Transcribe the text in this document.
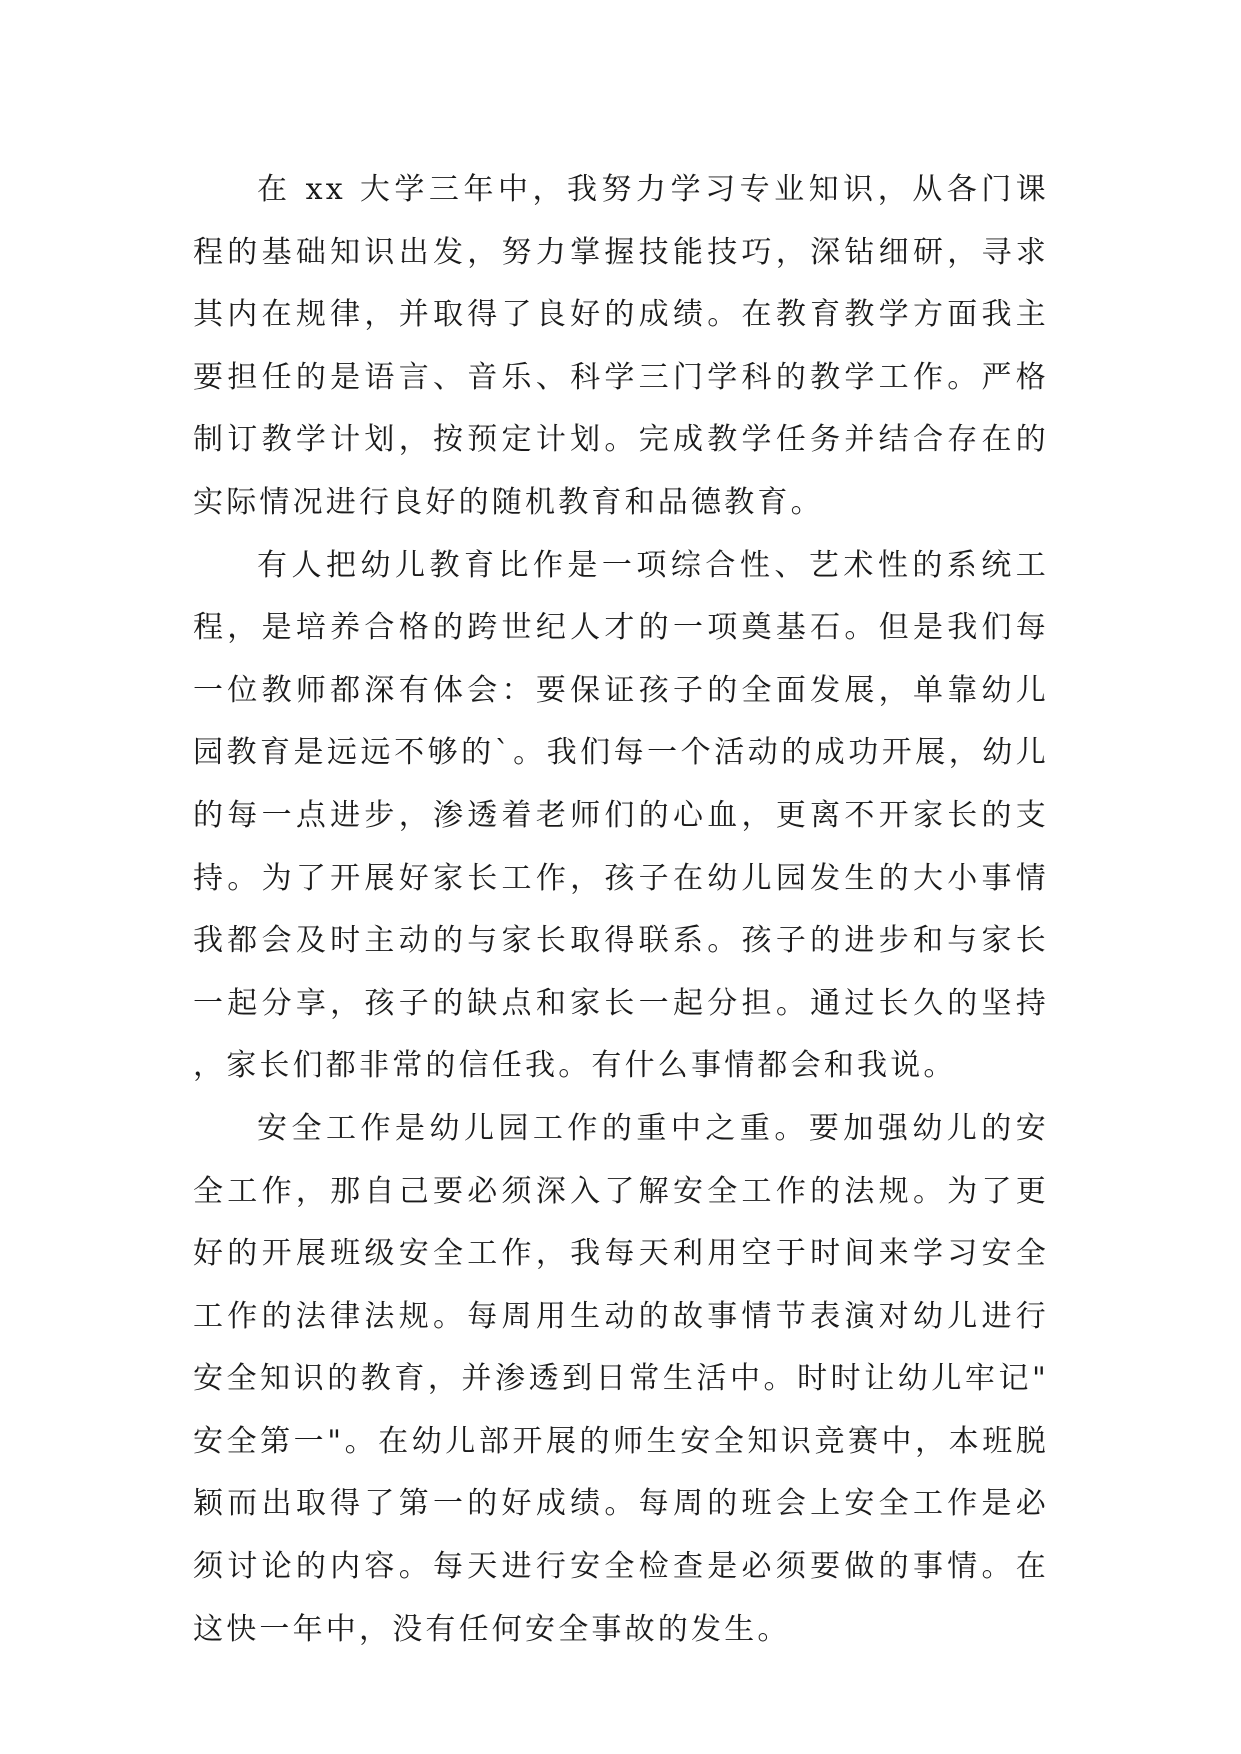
在 xx 大学三年中，我努力学习专业知识，从各门课程的基础知识出发，努力掌握技能技巧，深钻细研，寻求其内在规律，并取得了良好的成绩。在教育教学方面我主要担任的是语言、音乐、科学三门学科的教学工作。严格制订教学计划，按预定计划。完成教学任务并结合存在的实际情况进行良好的随机教育和品德教育。

有人把幼儿教育比作是一项综合性、艺术性的系统工程，是培养合格的跨世纪人才的一项奠基石。但是我们每一位教师都深有体会：要保证孩子的全面发展，单靠幼儿园教育是远远不够的`。我们每一个活动的成功开展，幼儿的每一点进步，渗透着老师们的心血，更离不开家长的支持。为了开展好家长工作，孩子在幼儿园发生的大小事情我都会及时主动的与家长取得联系。孩子的进步和与家长一起分享，孩子的缺点和家长一起分担。通过长久的坚持，家长们都非常的信任我。有什么事情都会和我说。

安全工作是幼儿园工作的重中之重。要加强幼儿的安全工作，那自己要必须深入了解安全工作的法规。为了更好的开展班级安全工作，我每天利用空于时间来学习安全工作的法律法规。每周用生动的故事情节表演对幼儿进行安全知识的教育，并渗透到日常生活中。时时让幼儿牢记"安全第一"。在幼儿部开展的师生安全知识竞赛中，本班脱颖而出取得了第一的好成绩。每周的班会上安全工作是必须讨论的内容。每天进行安全检查是必须要做的事情。在这快一年中，没有任何安全事故的发生。
